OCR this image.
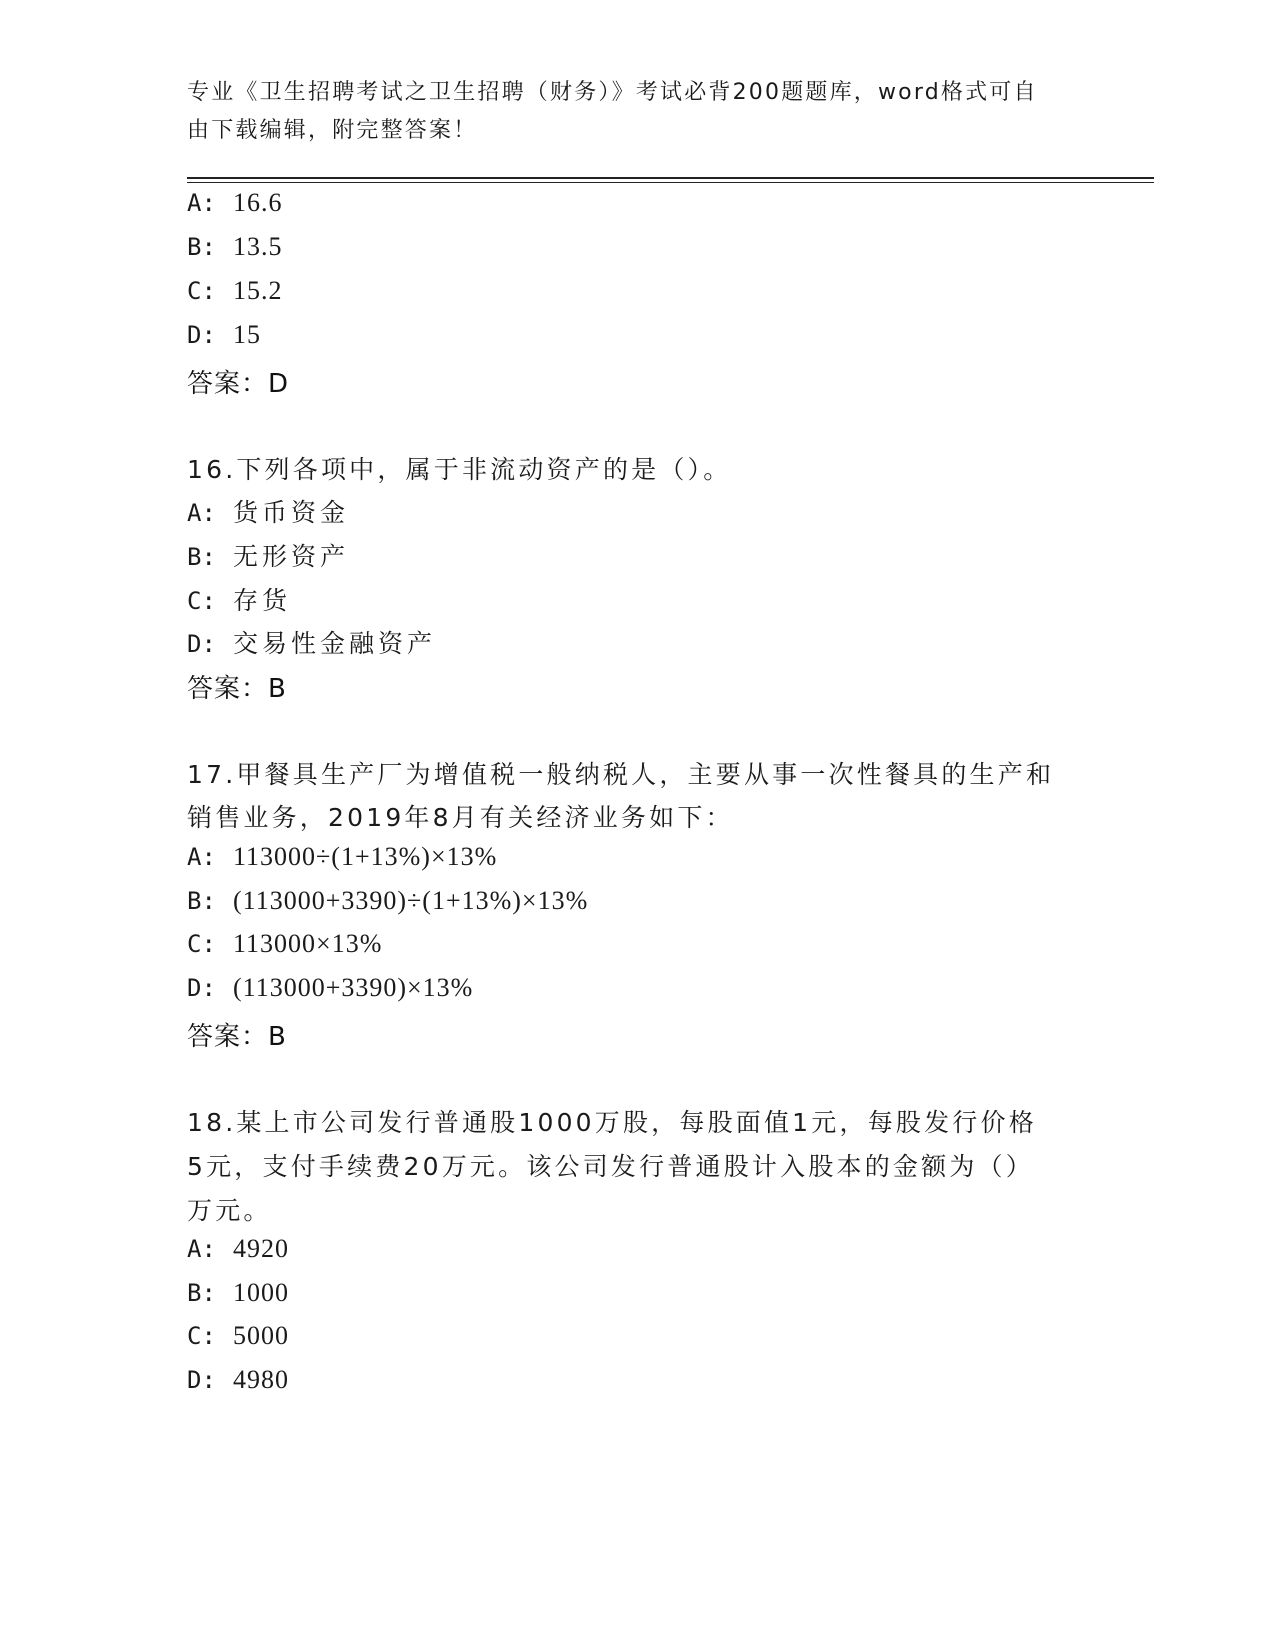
专业《卫生招聘考试之卫生招聘（财务）》考试必背200题题库，word格式可自
由下载编辑，附完整答案！
A: 16.6
B: 13.5
C: 15.2
D: 15
答案：D
16.下列各项中，属于非流动资产的是（）。
A: 货币资金
B: 无形资产
C: 存货
D: 交易性金融资产
答案：B
17.甲餐具生产厂为增值税一般纳税人，主要从事一次性餐具的生产和
销售业务，2019年8月有关经济业务如下：
A: 113000÷(1+13%)×13%
B: (113000+3390)÷(1+13%)×13%
C: 113000×13%
D: (113000+3390)×13%
答案：B
18.某上市公司发行普通股1000万股，每股面值1元，每股发行价格
5元，支付手续费20万元。该公司发行普通股计入股本的金额为（）
万元。
A: 4920
B: 1000
C: 5000
D: 4980
